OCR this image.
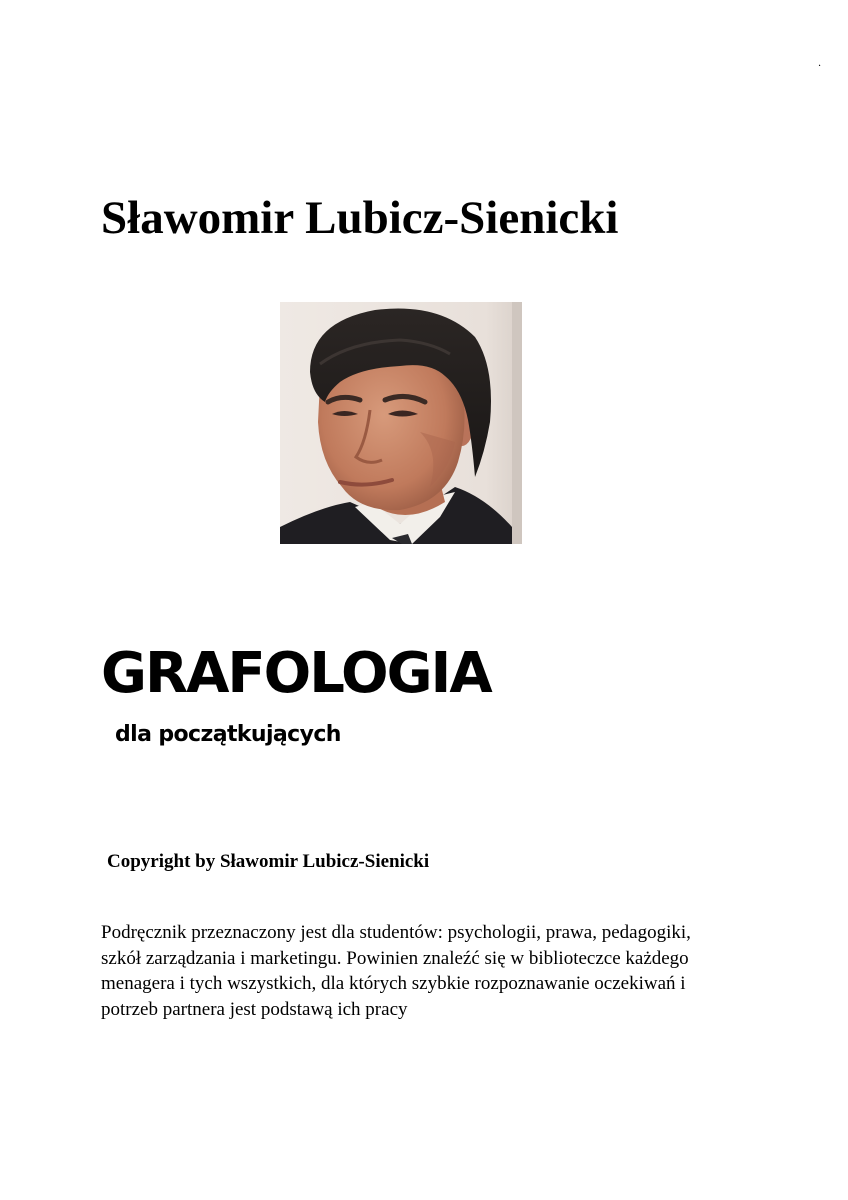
·
Sławomir Lubicz-Sienicki
GRAFOLOGIA
dla początkujących

Copyright by Sławomir Lubicz-Sienicki

Podręcznik przeznaczony jest dla studentów: psychologii, prawa, pedagogiki,
szkół zarządzania i marketingu. Powinien znaleźć się w biblioteczce każdego
menagera i tych wszystkich, dla których szybkie rozpoznawanie oczekiwań i
potrzeb partnera jest podstawą ich pracy
